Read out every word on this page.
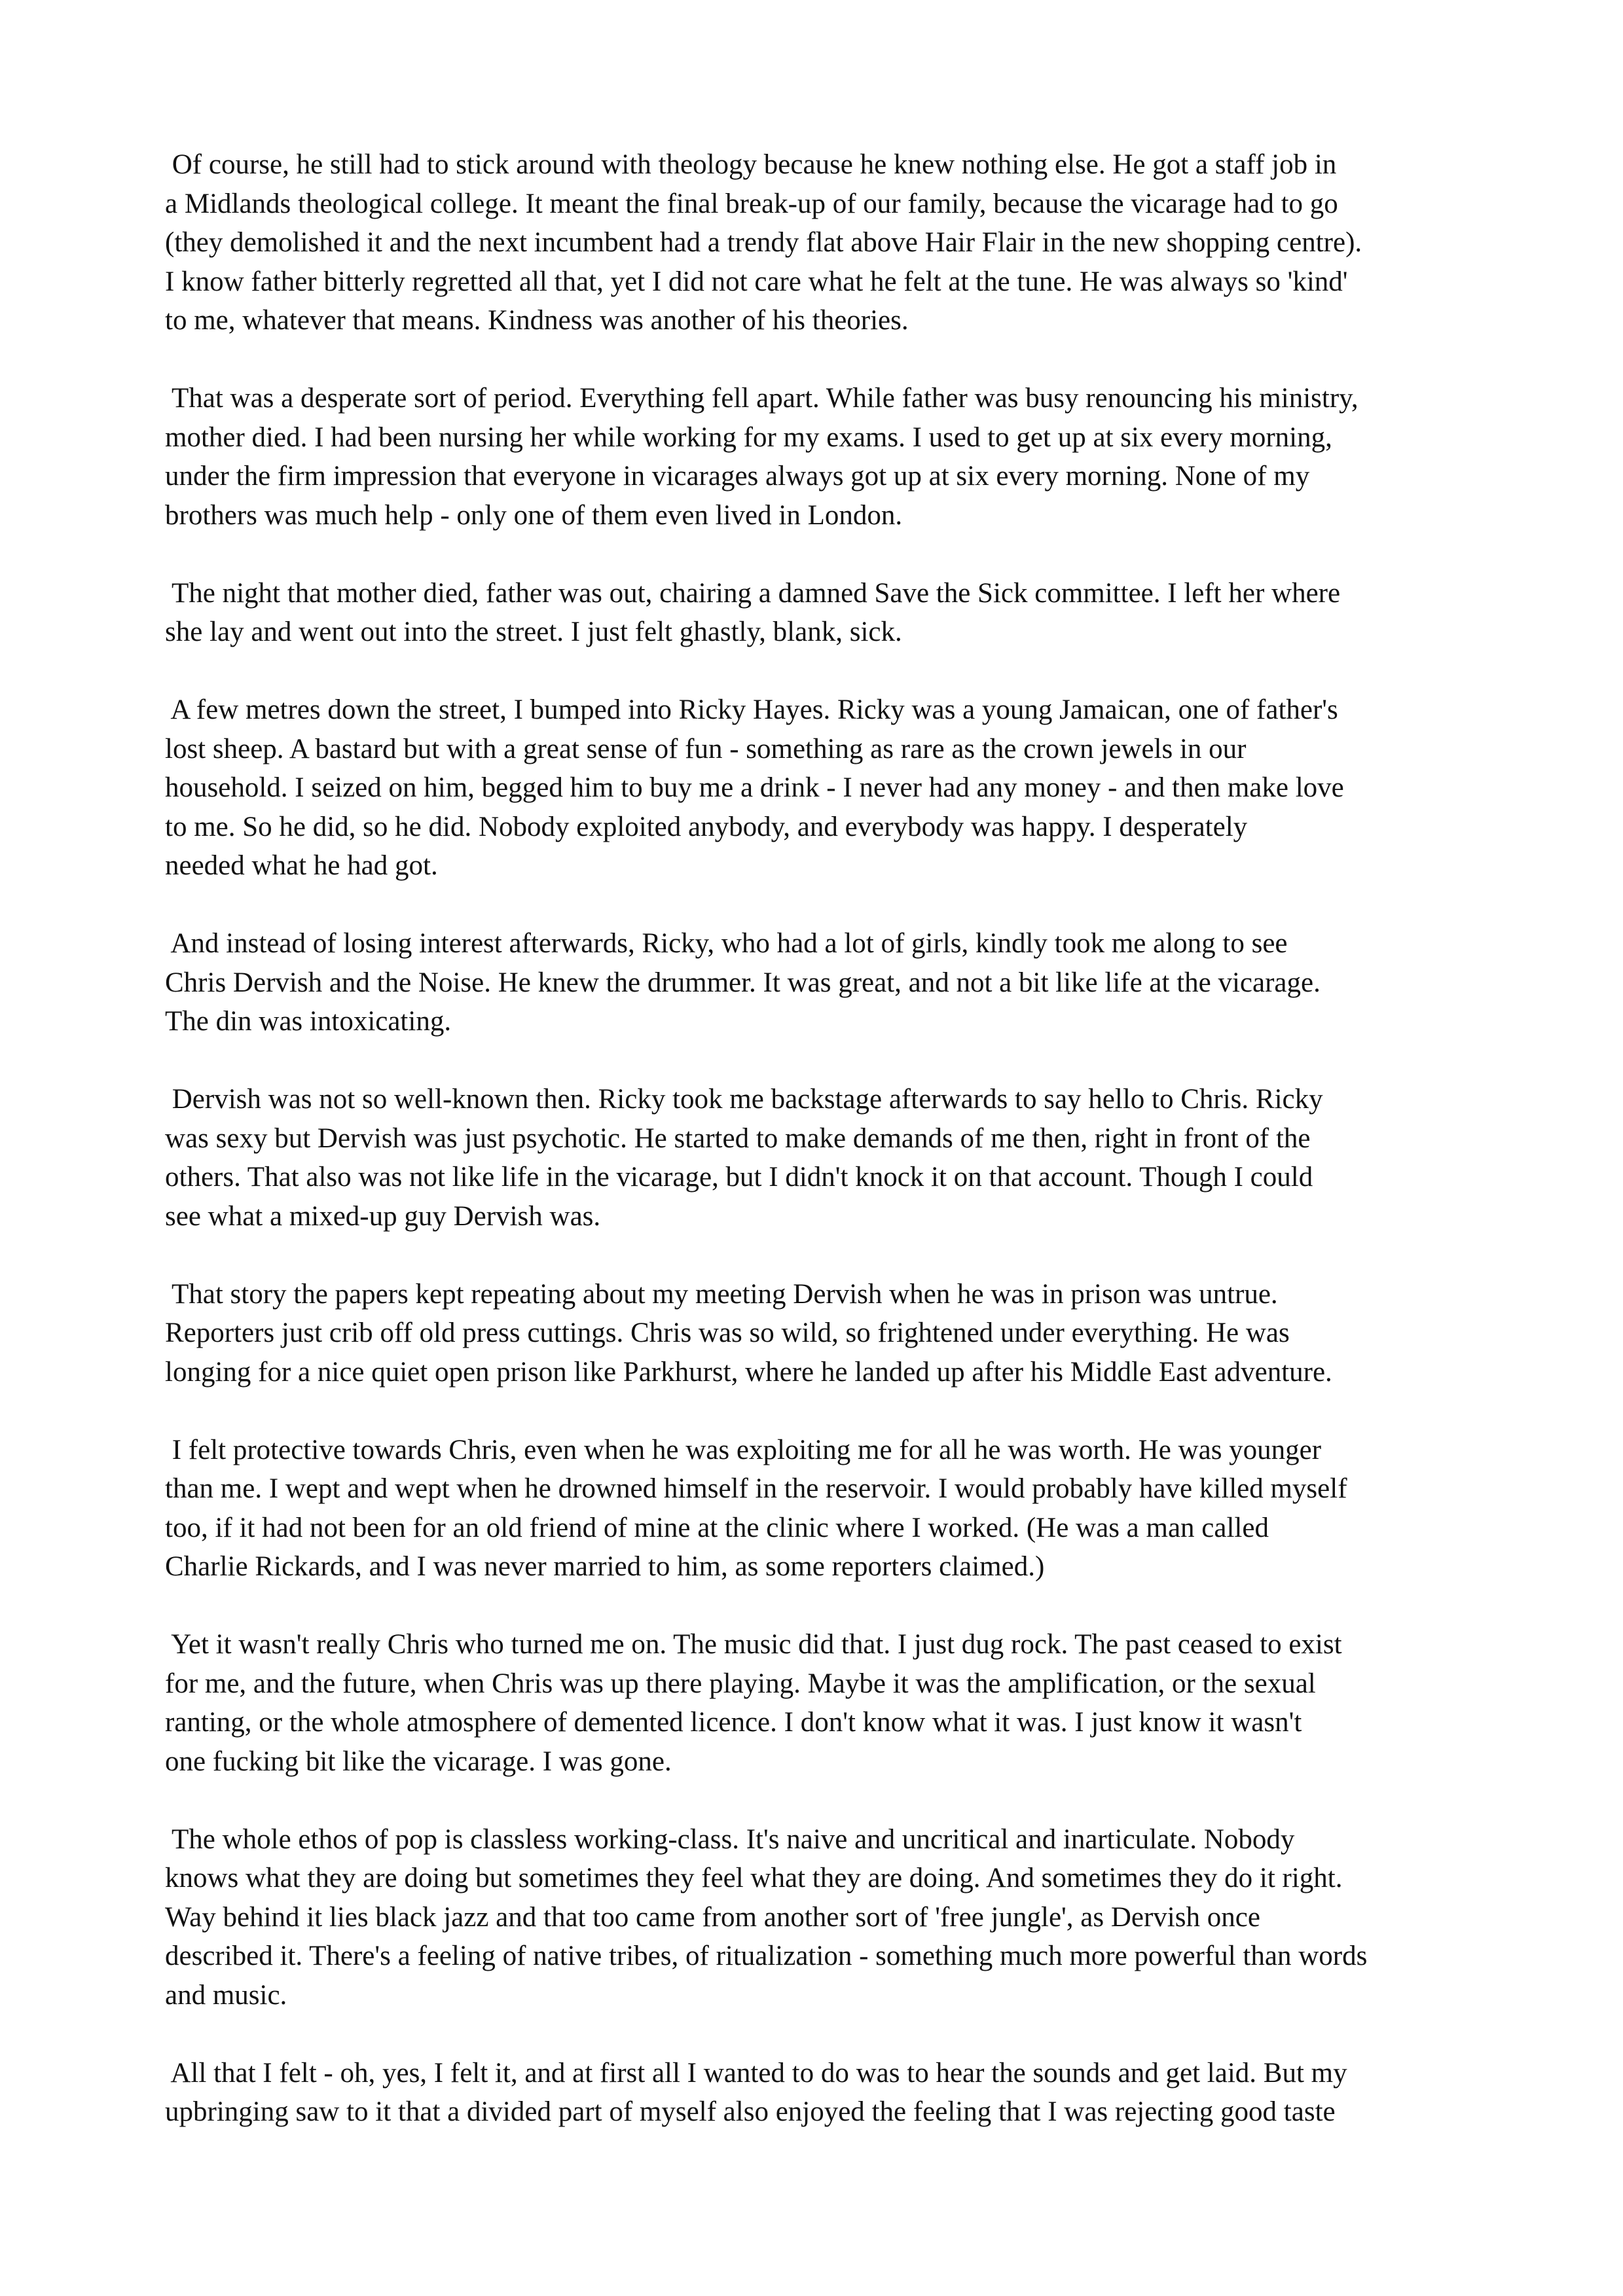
Of course, he still had to stick around with theology because he knew nothing else. He got a staff job in
a Midlands theological college. It meant the final break-up of our family, because the vicarage had to go
(they demolished it and the next incumbent had a trendy flat above Hair Flair in the new shopping centre).
I know father bitterly regretted all that, yet I did not care what he felt at the tune. He was always so 'kind'
to me, whatever that means. Kindness was another of his theories.

That was a desperate sort of period. Everything fell apart. While father was busy renouncing his ministry,
mother died. I had been nursing her while working for my exams. I used to get up at six every morning,
under the firm impression that everyone in vicarages always got up at six every morning. None of my
brothers was much help - only one of them even lived in London.

The night that mother died, father was out, chairing a damned Save the Sick committee. I left her where
she lay and went out into the street. I just felt ghastly, blank, sick.

A few metres down the street, I bumped into Ricky Hayes. Ricky was a young Jamaican, one of father's
lost sheep. A bastard but with a great sense of fun - something as rare as the crown jewels in our
household. I seized on him, begged him to buy me a drink - I never had any money - and then make love
to me. So he did, so he did. Nobody exploited anybody, and everybody was happy. I desperately
needed what he had got.

And instead of losing interest afterwards, Ricky, who had a lot of girls, kindly took me along to see
Chris Dervish and the Noise. He knew the drummer. It was great, and not a bit like life at the vicarage.
The din was intoxicating.

Dervish was not so well-known then. Ricky took me backstage afterwards to say hello to Chris. Ricky
was sexy but Dervish was just psychotic. He started to make demands of me then, right in front of the
others. That also was not like life in the vicarage, but I didn't knock it on that account. Though I could
see what a mixed-up guy Dervish was.

That story the papers kept repeating about my meeting Dervish when he was in prison was untrue.
Reporters just crib off old press cuttings. Chris was so wild, so frightened under everything. He was
longing for a nice quiet open prison like Parkhurst, where he landed up after his Middle East adventure.

I felt protective towards Chris, even when he was exploiting me for all he was worth. He was younger
than me. I wept and wept when he drowned himself in the reservoir. I would probably have killed myself
too, if it had not been for an old friend of mine at the clinic where I worked. (He was a man called
Charlie Rickards, and I was never married to him, as some reporters claimed.)

Yet it wasn't really Chris who turned me on. The music did that. I just dug rock. The past ceased to exist
for me, and the future, when Chris was up there playing. Maybe it was the amplification, or the sexual
ranting, or the whole atmosphere of demented licence. I don't know what it was. I just know it wasn't
one fucking bit like the vicarage. I was gone.

The whole ethos of pop is classless working-class. It's naive and uncritical and inarticulate. Nobody
knows what they are doing but sometimes they feel what they are doing. And sometimes they do it right.
Way behind it lies black jazz and that too came from another sort of 'free jungle', as Dervish once
described it. There's a feeling of native tribes, of ritualization - something much more powerful than words
and music.

All that I felt - oh, yes, I felt it, and at first all I wanted to do was to hear the sounds and get laid. But my
upbringing saw to it that a divided part of myself also enjoyed the feeling that I was rejecting good taste
